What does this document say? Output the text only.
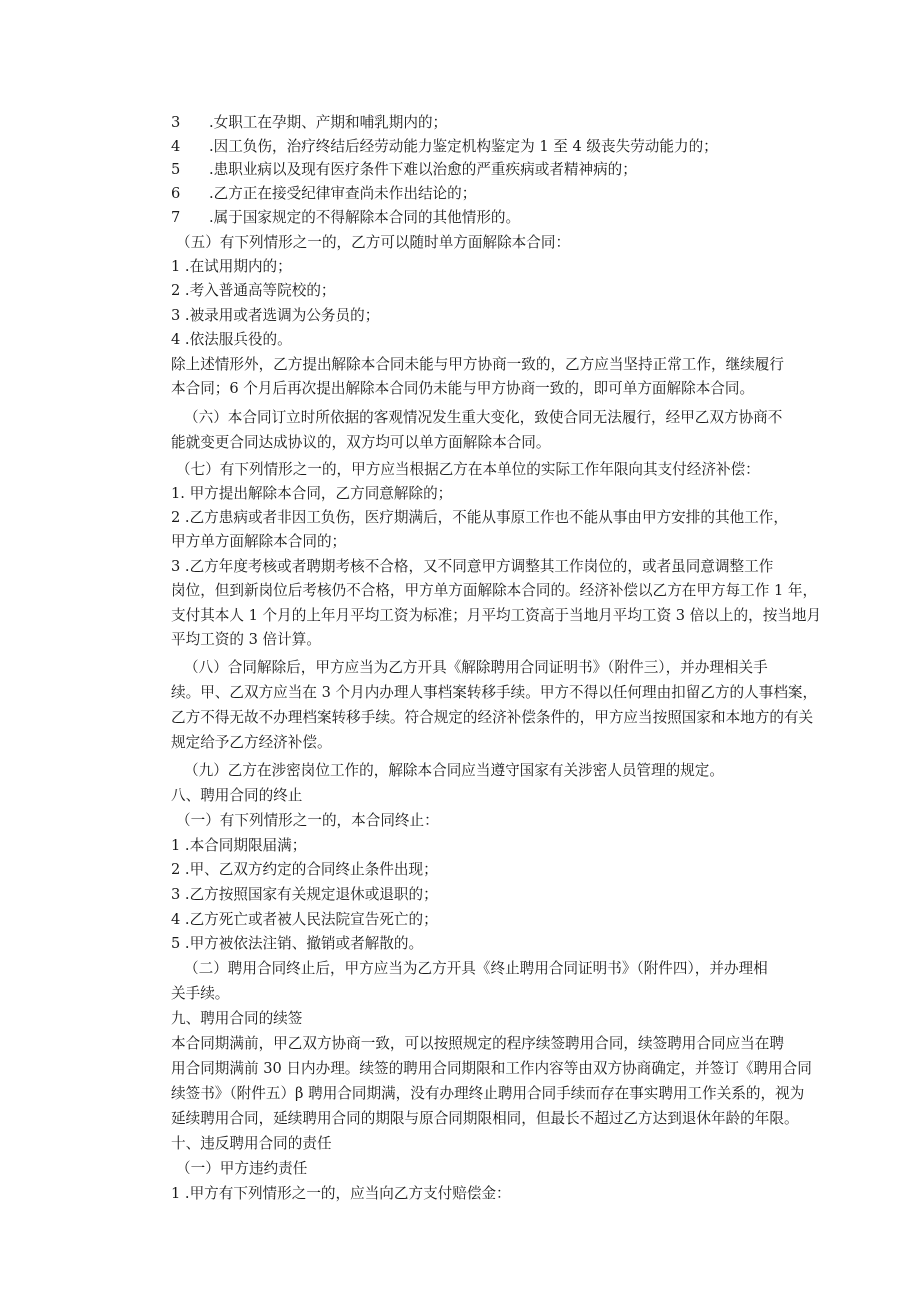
3 .女职工在孕期、产期和哺乳期内的；

4 .因工负伤，治疗终结后经劳动能力鉴定机构鉴定为 1 至 4 级丧失劳动能力的；

5 .患职业病以及现有医疗条件下难以治愈的严重疾病或者精神病的；

6 .乙方正在接受纪律审查尚未作出结论的；

7 .属于国家规定的不得解除本合同的其他情形的。

（五）有下列情形之一的，乙方可以随时单方面解除本合同：

1 .在试用期内的；

2 .考入普通高等院校的；

3 .被录用或者选调为公务员的；

4 .依法服兵役的。

除上述情形外，乙方提出解除本合同未能与甲方协商一致的，乙方应当坚持正常工作，继续履行

本合同；6 个月后再次提出解除本合同仍未能与甲方协商一致的，即可单方面解除本合同。

（六）本合同订立时所依据的客观情况发生重大变化，致使合同无法履行，经甲乙双方协商不

能就变更合同达成协议的，双方均可以单方面解除本合同。

（七）有下列情形之一的，甲方应当根据乙方在本单位的实际工作年限向其支付经济补偿：

1. 甲方提出解除本合同，乙方同意解除的；

2 .乙方患病或者非因工负伤，医疗期满后，不能从事原工作也不能从事由甲方安排的其他工作，

甲方单方面解除本合同的；

3 .乙方年度考核或者聘期考核不合格，又不同意甲方调整其工作岗位的，或者虽同意调整工作

岗位，但到新岗位后考核仍不合格，甲方单方面解除本合同的。经济补偿以乙方在甲方每工作 1 年，

支付其本人 1 个月的上年月平均工资为标准；月平均工资高于当地月平均工资 3 倍以上的，按当地月

平均工资的 3 倍计算。

（八）合同解除后，甲方应当为乙方开具《解除聘用合同证明书》（附件三），并办理相关手

续。甲、乙双方应当在 3 个月内办理人事档案转移手续。甲方不得以任何理由扣留乙方的人事档案，

乙方不得无故不办理档案转移手续。符合规定的经济补偿条件的，甲方应当按照国家和本地方的有关

规定给予乙方经济补偿。

（九）乙方在涉密岗位工作的，解除本合同应当遵守国家有关涉密人员管理的规定。

八、聘用合同的终止

（一）有下列情形之一的，本合同终止：

1 .本合同期限届满；

2 .甲、乙双方约定的合同终止条件出现；

3 .乙方按照国家有关规定退休或退职的；

4 .乙方死亡或者被人民法院宣告死亡的；

5 .甲方被依法注销、撤销或者解散的。

（二）聘用合同终止后，甲方应当为乙方开具《终止聘用合同证明书》（附件四），并办理相

关手续。

九、聘用合同的续签

本合同期满前，甲乙双方协商一致，可以按照规定的程序续签聘用合同，续签聘用合同应当在聘

用合同期满前 30 日内办理。续签的聘用合同期限和工作内容等由双方协商确定，并签订《聘用合同

续签书》（附件五）β 聘用合同期满，没有办理终止聘用合同手续而存在事实聘用工作关系的，视为

延续聘用合同，延续聘用合同的期限与原合同期限相同，但最长不超过乙方达到退休年龄的年限。

十、违反聘用合同的责任

（一）甲方违约责任

1 .甲方有下列情形之一的，应当向乙方支付赔偿金：
